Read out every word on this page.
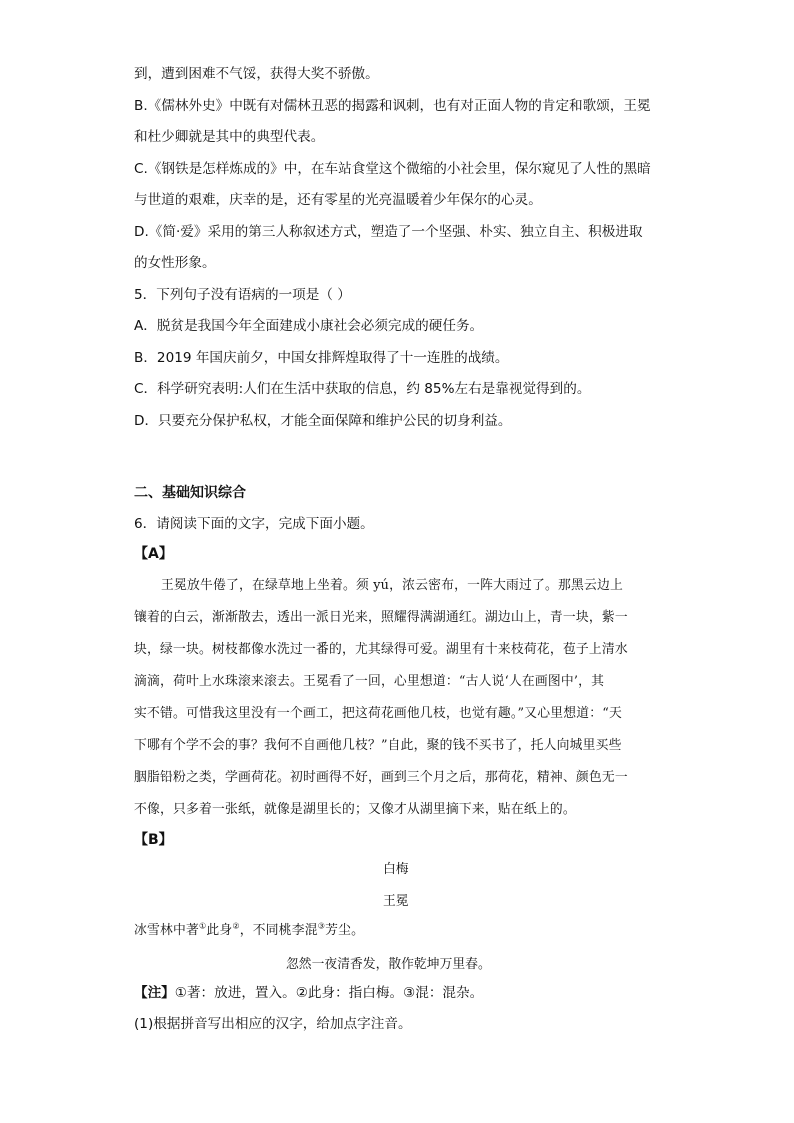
到，遭到困难不气馁，获得大奖不骄傲。
B.《儒林外史》中既有对儒林丑恶的揭露和讽刺，也有对正面人物的肯定和歌颂，王冕
和杜少卿就是其中的典型代表。
C.《钢铁是怎样炼成的》中，在车站食堂这个微缩的小社会里，保尔窥见了人性的黑暗
与世道的艰难，庆幸的是，还有零星的光亮温暖着少年保尔的心灵。
D.《简·爱》采用的第三人称叙述方式，塑造了一个坚强、朴实、独立自主、积极进取
的女性形象。
5．下列句子没有语病的一项是（ ）
A．脱贫是我国今年全面建成小康社会必须完成的硬任务。
B．2019 年国庆前夕，中国女排辉煌取得了十一连胜的战绩。
C．科学研究表明:人们在生活中获取的信息，约 85%左右是靠视觉得到的。
D．只要充分保护私权，才能全面保障和维护公民的切身利益。
二、基础知识综合
6．请阅读下面的文字，完成下面小题。
【A】
王冕放牛倦了，在绿草地上坐着。须 yú，浓云密布，一阵大雨过了。那黑云边上
镶着的白云，渐渐散去，透出一派日光来，照耀得满湖通红。湖边山上，青一块，紫一
块，绿一块。树枝都像水洗过一番的，尤其绿得可爱。湖里有十来枝荷花，苞子上清水
滴滴，荷叶上水珠滚来滚去。王冕看了一回，心里想道：“古人说‘人在画图中’，其
实不错。可惜我这里没有一个画工，把这荷花画他几枝，也觉有趣。”又心里想道：“天
下哪有个学不会的事？我何不自画他几枝？”自此，聚的钱不买书了，托人向城里买些
胭脂铅粉之类，学画荷花。初时画得不好，画到三个月之后，那荷花，精神、颜色无一
不像，只多着一张纸，就像是湖里长的；又像才从湖里摘下来，贴在纸上的。
【B】
白梅
王冕
冰雪林中著①此身②，不同桃李混③芳尘。
忽然一夜清香发，散作乾坤万里春。
【注】①著：放进，置入。②此身：指白梅。③混：混杂。
(1)根据拼音写出相应的汉字，给加点字注音。
